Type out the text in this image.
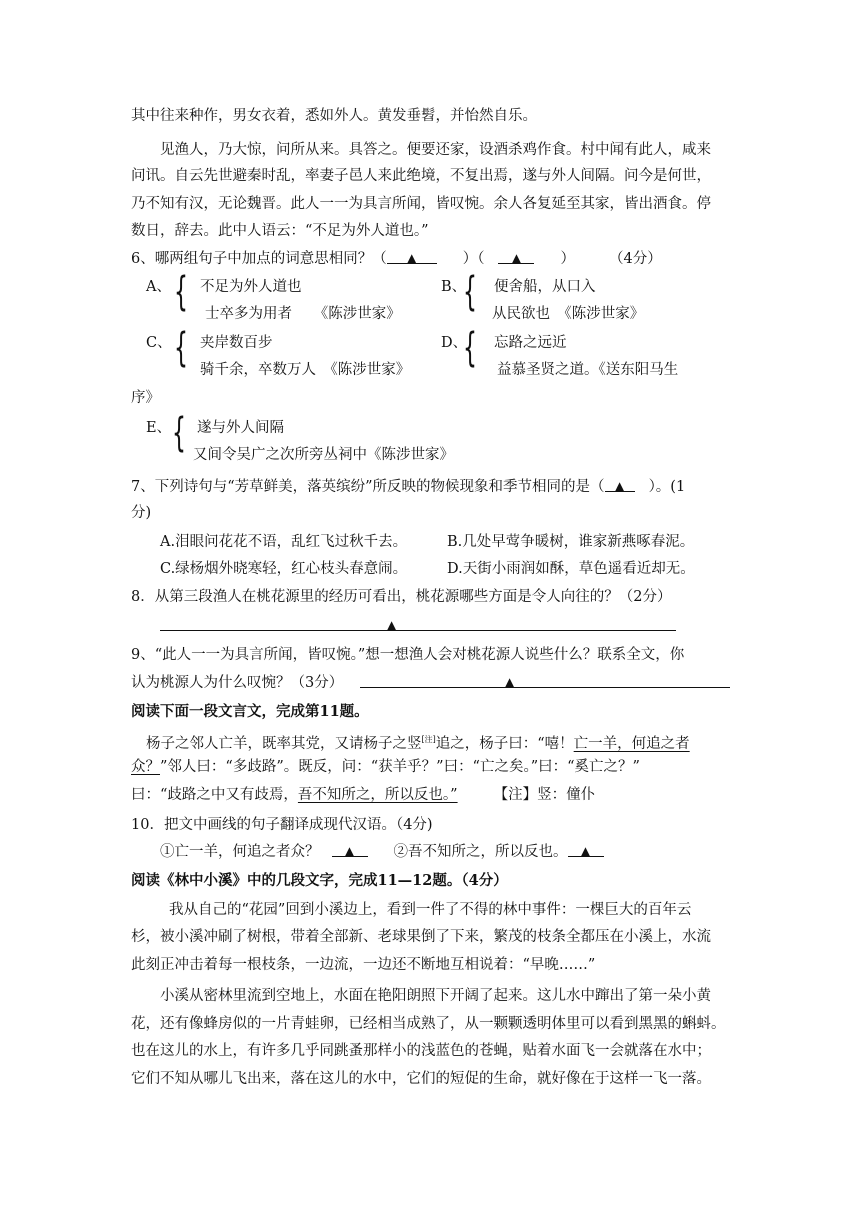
其中往来种作，男女衣着，悉如外人。黄发垂髫，并怡然自乐。
见渔人，乃大惊，问所从来。具答之。便要还家，设酒杀鸡作食。村中闻有此人，咸来
问讯。自云先世避秦时乱，率妻子邑人来此绝境，不复出焉，遂与外人间隔。问今是何世，
乃不知有汉，无论魏晋。此人一一为具言所闻，皆叹惋。余人各复延至其家，皆出酒食。停
数日，辞去。此中人语云：“不足为外人道也。”
6、哪两组句子中加点的词意思相同？（ ▲	）（ ▲	） （4分）
A、 { 不足为外人道也
士卒多为用者　　《陈涉世家》
B、
{ 便舍船，从口入
从民欲也　《陈涉世家》
C、 { 夹岸数百步
骑千余，卒数万人　《陈涉世家》
D、
{ 忘路之远近
益慕圣贤之道。《送东阳马生
序》
E、 { 遂与外人间隔
又间令吴广之次所旁丛祠中《陈涉世家》
7、下列诗句与“芳草鲜美，落英缤纷”所反映的物候现象和季节相同的是（ ▲ ）。(1
分)
A.泪眼问花花不语，乱红飞过秋千去。	B.几处早莺争暖树，谁家新燕啄春泥。
C.绿杨烟外晓寒轻，红心枝头春意闹。	D.天街小雨润如酥，草色遥看近却无。
8．从第三段渔人在桃花源里的经历可看出，桃花源哪些方面是令人向往的？（2分）
▲
9、“此人一一为具言所闻，皆叹惋。”想一想渔人会对桃花源人说些什么？联系全文，你
认为桃源人为什么叹惋？（3分）	▲
阅读下面一段文言文，完成第11题。
杨子之邻人亡羊，既率其党，又请杨子之竖[注]追之，杨子曰：“嘻！亡一羊，何追之者
众？”邻人曰：“多歧路”。既反，问：“获羊乎？”曰：“亡之矣。”曰：“奚亡之？”
曰：“歧路之中又有歧焉，吾不知所之，所以反也。” 【注】竖：僮仆
10．把文中画线的句子翻译成现代汉语。（4分)
①亡一羊，何追之者众？ ▲	②吾不知所之，所以反也。 ▲
阅读《林中小溪》中的几段文字，完成11—12题。（4分）
我从自己的“花园”回到小溪边上，看到一件了不得的林中事件：一棵巨大的百年云
杉，被小溪冲刷了树根，带着全部新、老球果倒了下来，繁茂的枝条全都压在小溪上，水流
此刻正冲击着每一根枝条，一边流，一边还不断地互相说着：“早晚……”
小溪从密林里流到空地上，水面在艳阳朗照下开阔了起来。这儿水中蹿出了第一朵小黄
花，还有像蜂房似的一片青蛙卵，已经相当成熟了，从一颗颗透明体里可以看到黑黑的蝌蚪。
也在这儿的水上，有许多几乎同跳蚤那样小的浅蓝色的苍蝇，贴着水面飞一会就落在水中；
它们不知从哪儿飞出来，落在这儿的水中，它们的短促的生命，就好像在于这样一飞一落。
